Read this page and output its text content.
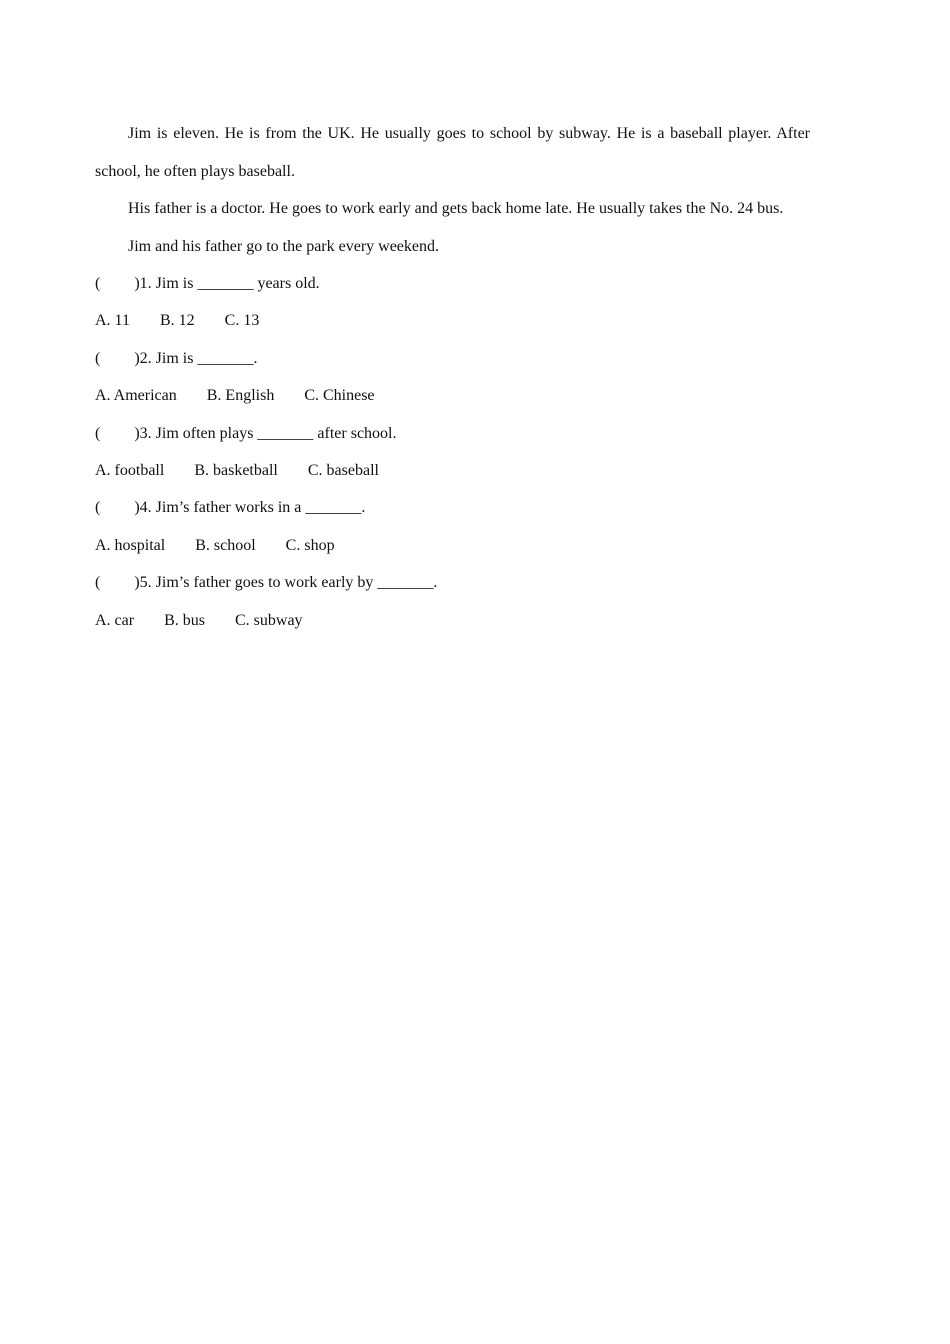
Jim is eleven. He is from the UK. He usually goes to school by subway. He is a baseball player. After school, he often plays baseball.

His father is a doctor. He goes to work early and gets back home late. He usually takes the No. 24 bus.

Jim and his father go to the park every weekend.

( )1. Jim is _______ years old.

A. 11 B. 12 C. 13

( )2. Jim is _______.

A. American B. English C. Chinese

( )3. Jim often plays _______ after school.

A. football B. basketball C. baseball

( )4. Jim’s father works in a _______.

A. hospital B. school C. shop

( )5. Jim’s father goes to work early by _______.

A. car B. bus C. subway
